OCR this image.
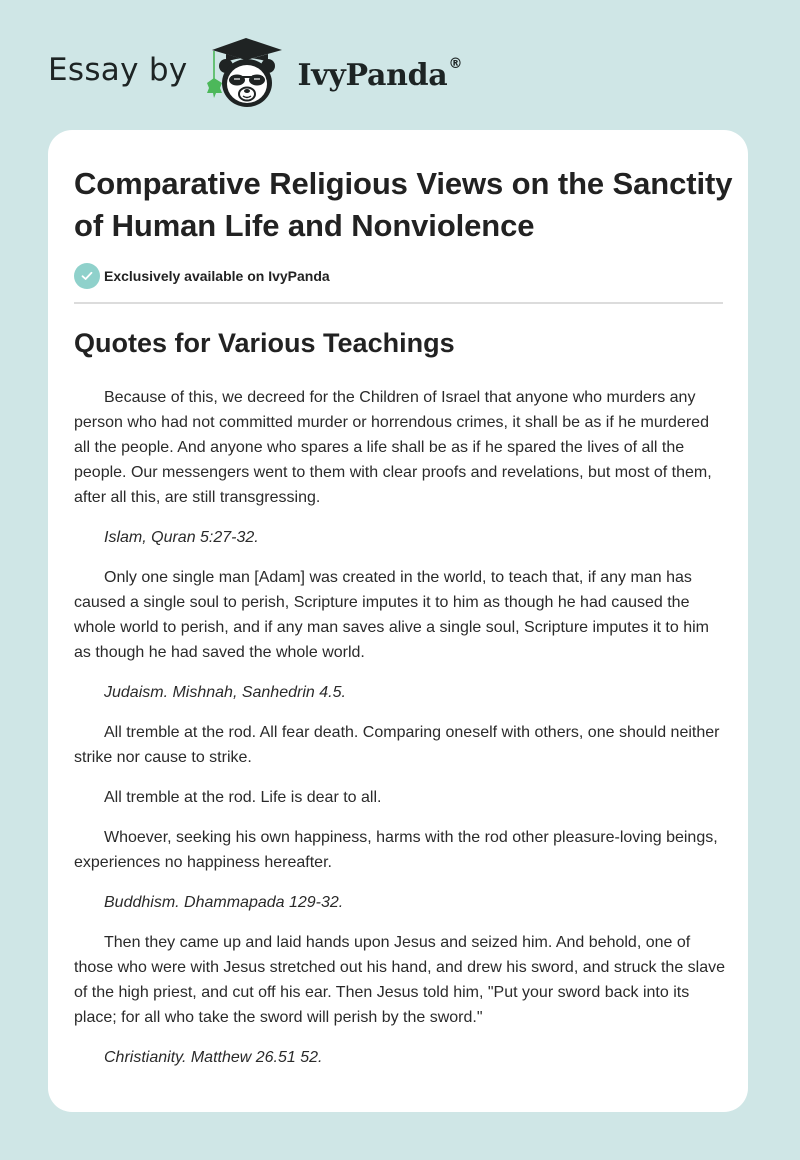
Essay by	IvyPanda®
Comparative Religious Views on the Sanctity of Human Life and Nonviolence
Exclusively available on IvyPanda
Quotes for Various Teachings

Because of this, we decreed for the Children of Israel that anyone who murders any person who had not committed murder or horrendous crimes, it shall be as if he murdered all the people. And anyone who spares a life shall be as if he spared the lives of all the people. Our messengers went to them with clear proofs and revelations, but most of them, after all this, are still transgressing.

Islam, Quran 5:27-32.

Only one single man [Adam] was created in the world, to teach that, if any man has caused a single soul to perish, Scripture imputes it to him as though he had caused the whole world to perish, and if any man saves alive a single soul, Scripture imputes it to him as though he had saved the whole world.

Judaism. Mishnah, Sanhedrin 4.5.

All tremble at the rod. All fear death. Comparing oneself with others, one should neither strike nor cause to strike.

All tremble at the rod. Life is dear to all.

Whoever, seeking his own happiness, harms with the rod other pleasure-loving beings, experiences no happiness hereafter.

Buddhism. Dhammapada 129-32.

Then they came up and laid hands upon Jesus and seized him. And behold, one of those who were with Jesus stretched out his hand, and drew his sword, and struck the slave of the high priest, and cut off his ear. Then Jesus told him, "Put your sword back into its place; for all who take the sword will perish by the sword."

Christianity. Matthew 26.51 52.
